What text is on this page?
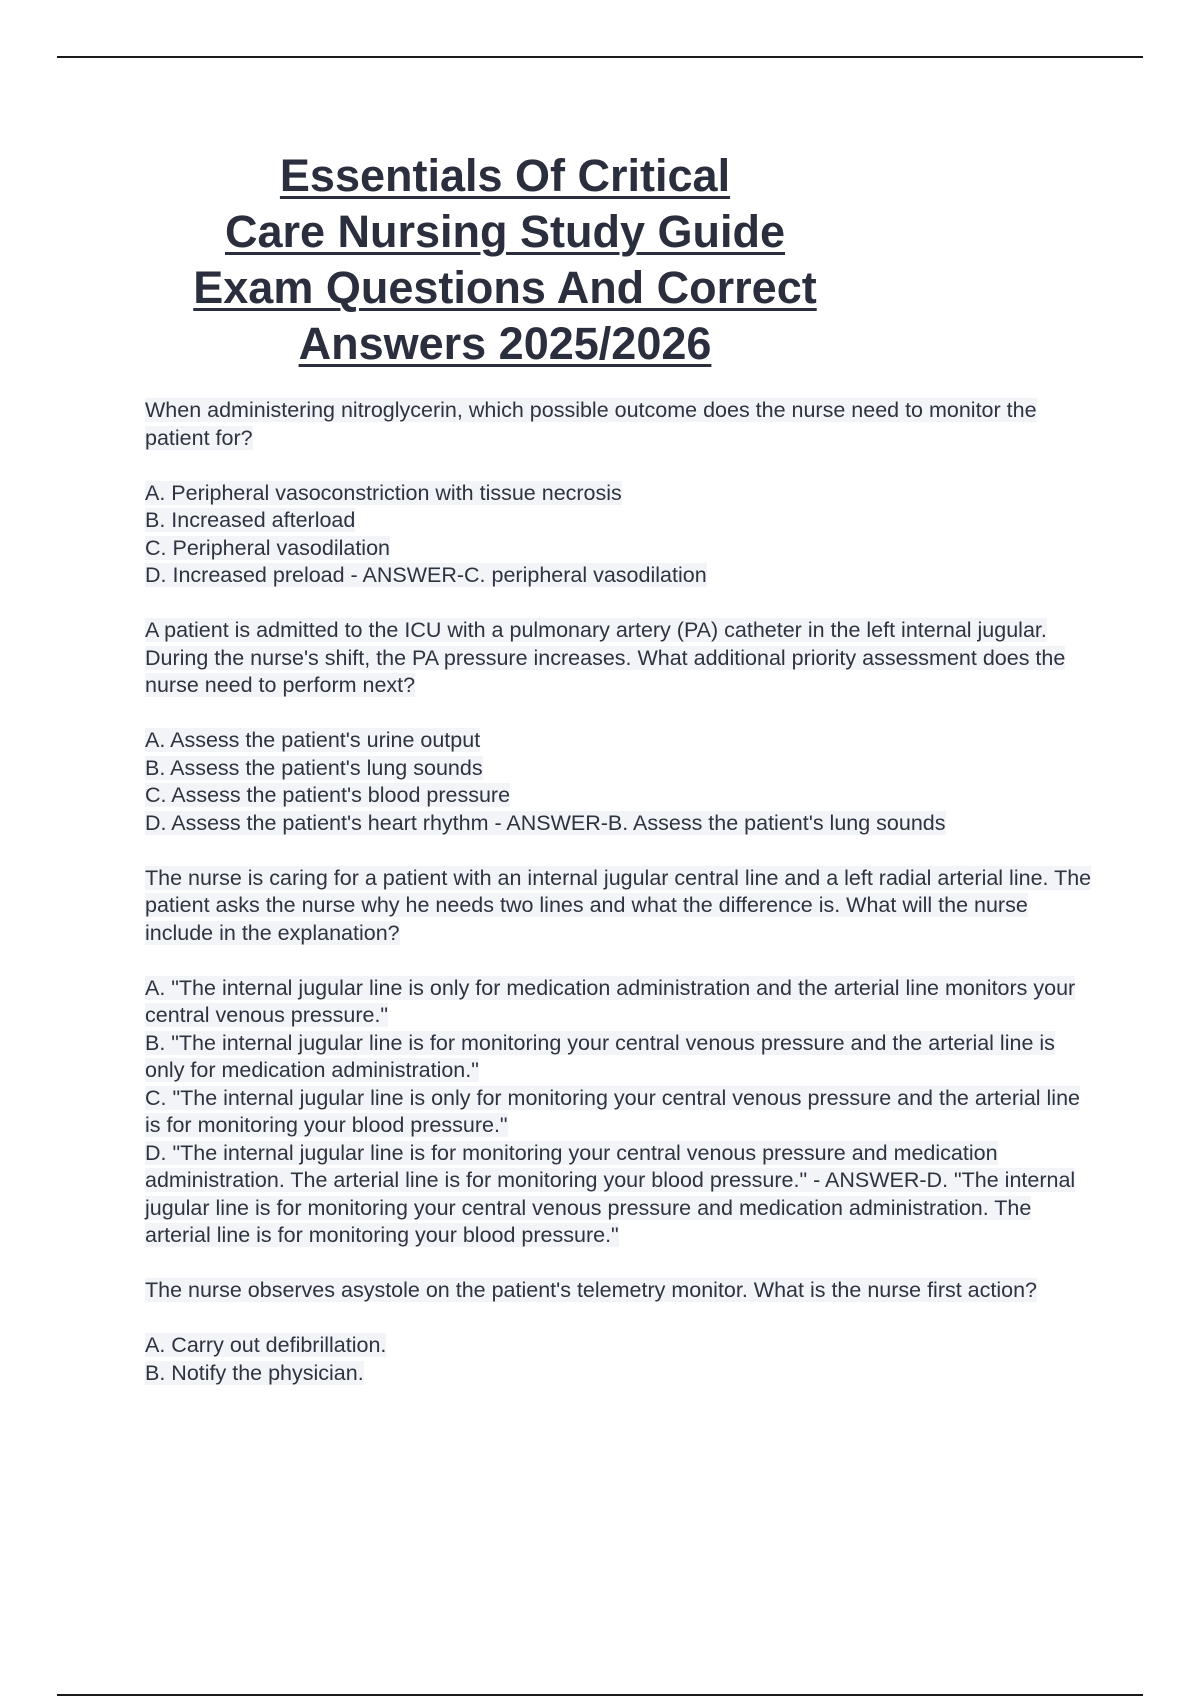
Essentials Of Critical
Care Nursing Study Guide
Exam Questions And Correct
Answers 2025/2026

When administering nitroglycerin, which possible outcome does the nurse need to monitor the patient for?

A. Peripheral vasoconstriction with tissue necrosis

B. Increased afterload

C. Peripheral vasodilation

D. Increased preload - ANSWER-C. peripheral vasodilation

A patient is admitted to the ICU with a pulmonary artery (PA) catheter in the left internal jugular. During the nurse's shift, the PA pressure increases. What additional priority assessment does the nurse need to perform next?

A. Assess the patient's urine output

B. Assess the patient's lung sounds

C. Assess the patient's blood pressure

D. Assess the patient's heart rhythm - ANSWER-B. Assess the patient's lung sounds

The nurse is caring for a patient with an internal jugular central line and a left radial arterial line. The patient asks the nurse why he needs two lines and what the difference is. What will the nurse include in the explanation?

A. "The internal jugular line is only for medication administration and the arterial line monitors your central venous pressure."

B. "The internal jugular line is for monitoring your central venous pressure and the arterial line is only for medication administration."

C. "The internal jugular line is only for monitoring your central venous pressure and the arterial line is for monitoring your blood pressure."

D. "The internal jugular line is for monitoring your central venous pressure and medication administration. The arterial line is for monitoring your blood pressure." - ANSWER-D. "The internal jugular line is for monitoring your central venous pressure and medication administration. The arterial line is for monitoring your blood pressure."

The nurse observes asystole on the patient's telemetry monitor. What is the nurse first action?

A. Carry out defibrillation.

B. Notify the physician.
